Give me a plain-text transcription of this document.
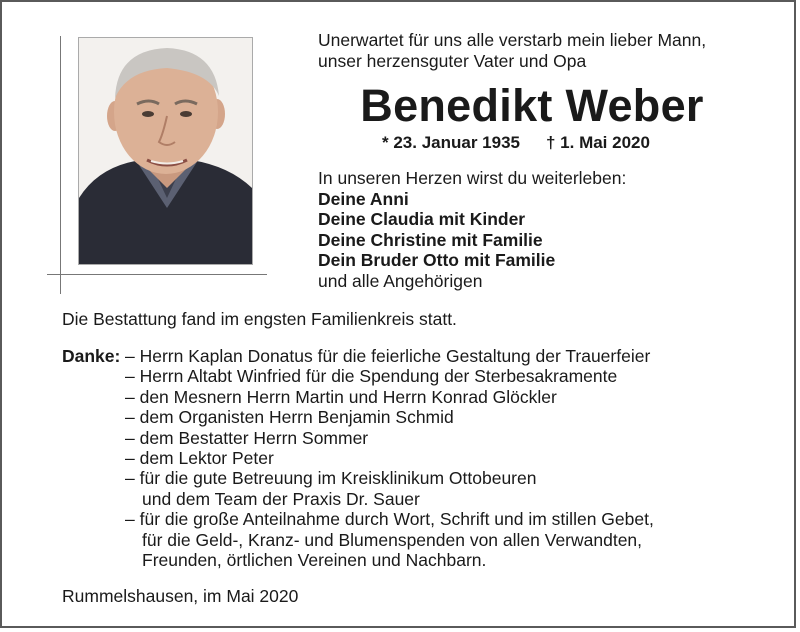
Unerwartet für uns alle verstarb mein lieber Mann,
unser herzensguter Vater und Opa
Benedikt Weber
* 23. Januar 1935 † 1. Mai 2020
In unseren Herzen wirst du weiterleben:
Deine Anni
Deine Claudia mit Kinder
Deine Christine mit Familie
Dein Bruder Otto mit Familie
und alle Angehörigen
Die Bestattung fand im engsten Familienkreis statt.
Danke: – Herrn Kaplan Donatus für die feierliche Gestaltung der Trauerfeier
– Herrn Altabt Winfried für die Spendung der Sterbesakramente
– den Mesnern Herrn Martin und Herrn Konrad Glöckler
– dem Organisten Herrn Benjamin Schmid
– dem Bestatter Herrn Sommer
– dem Lektor Peter
– für die gute Betreuung im Kreisklinikum Ottobeuren
und dem Team der Praxis Dr. Sauer
– für die große Anteilnahme durch Wort, Schrift und im stillen Gebet,
für die Geld-, Kranz- und Blumenspenden von allen Verwandten,
Freunden, örtlichen Vereinen und Nachbarn.
Rummelshausen, im Mai 2020
